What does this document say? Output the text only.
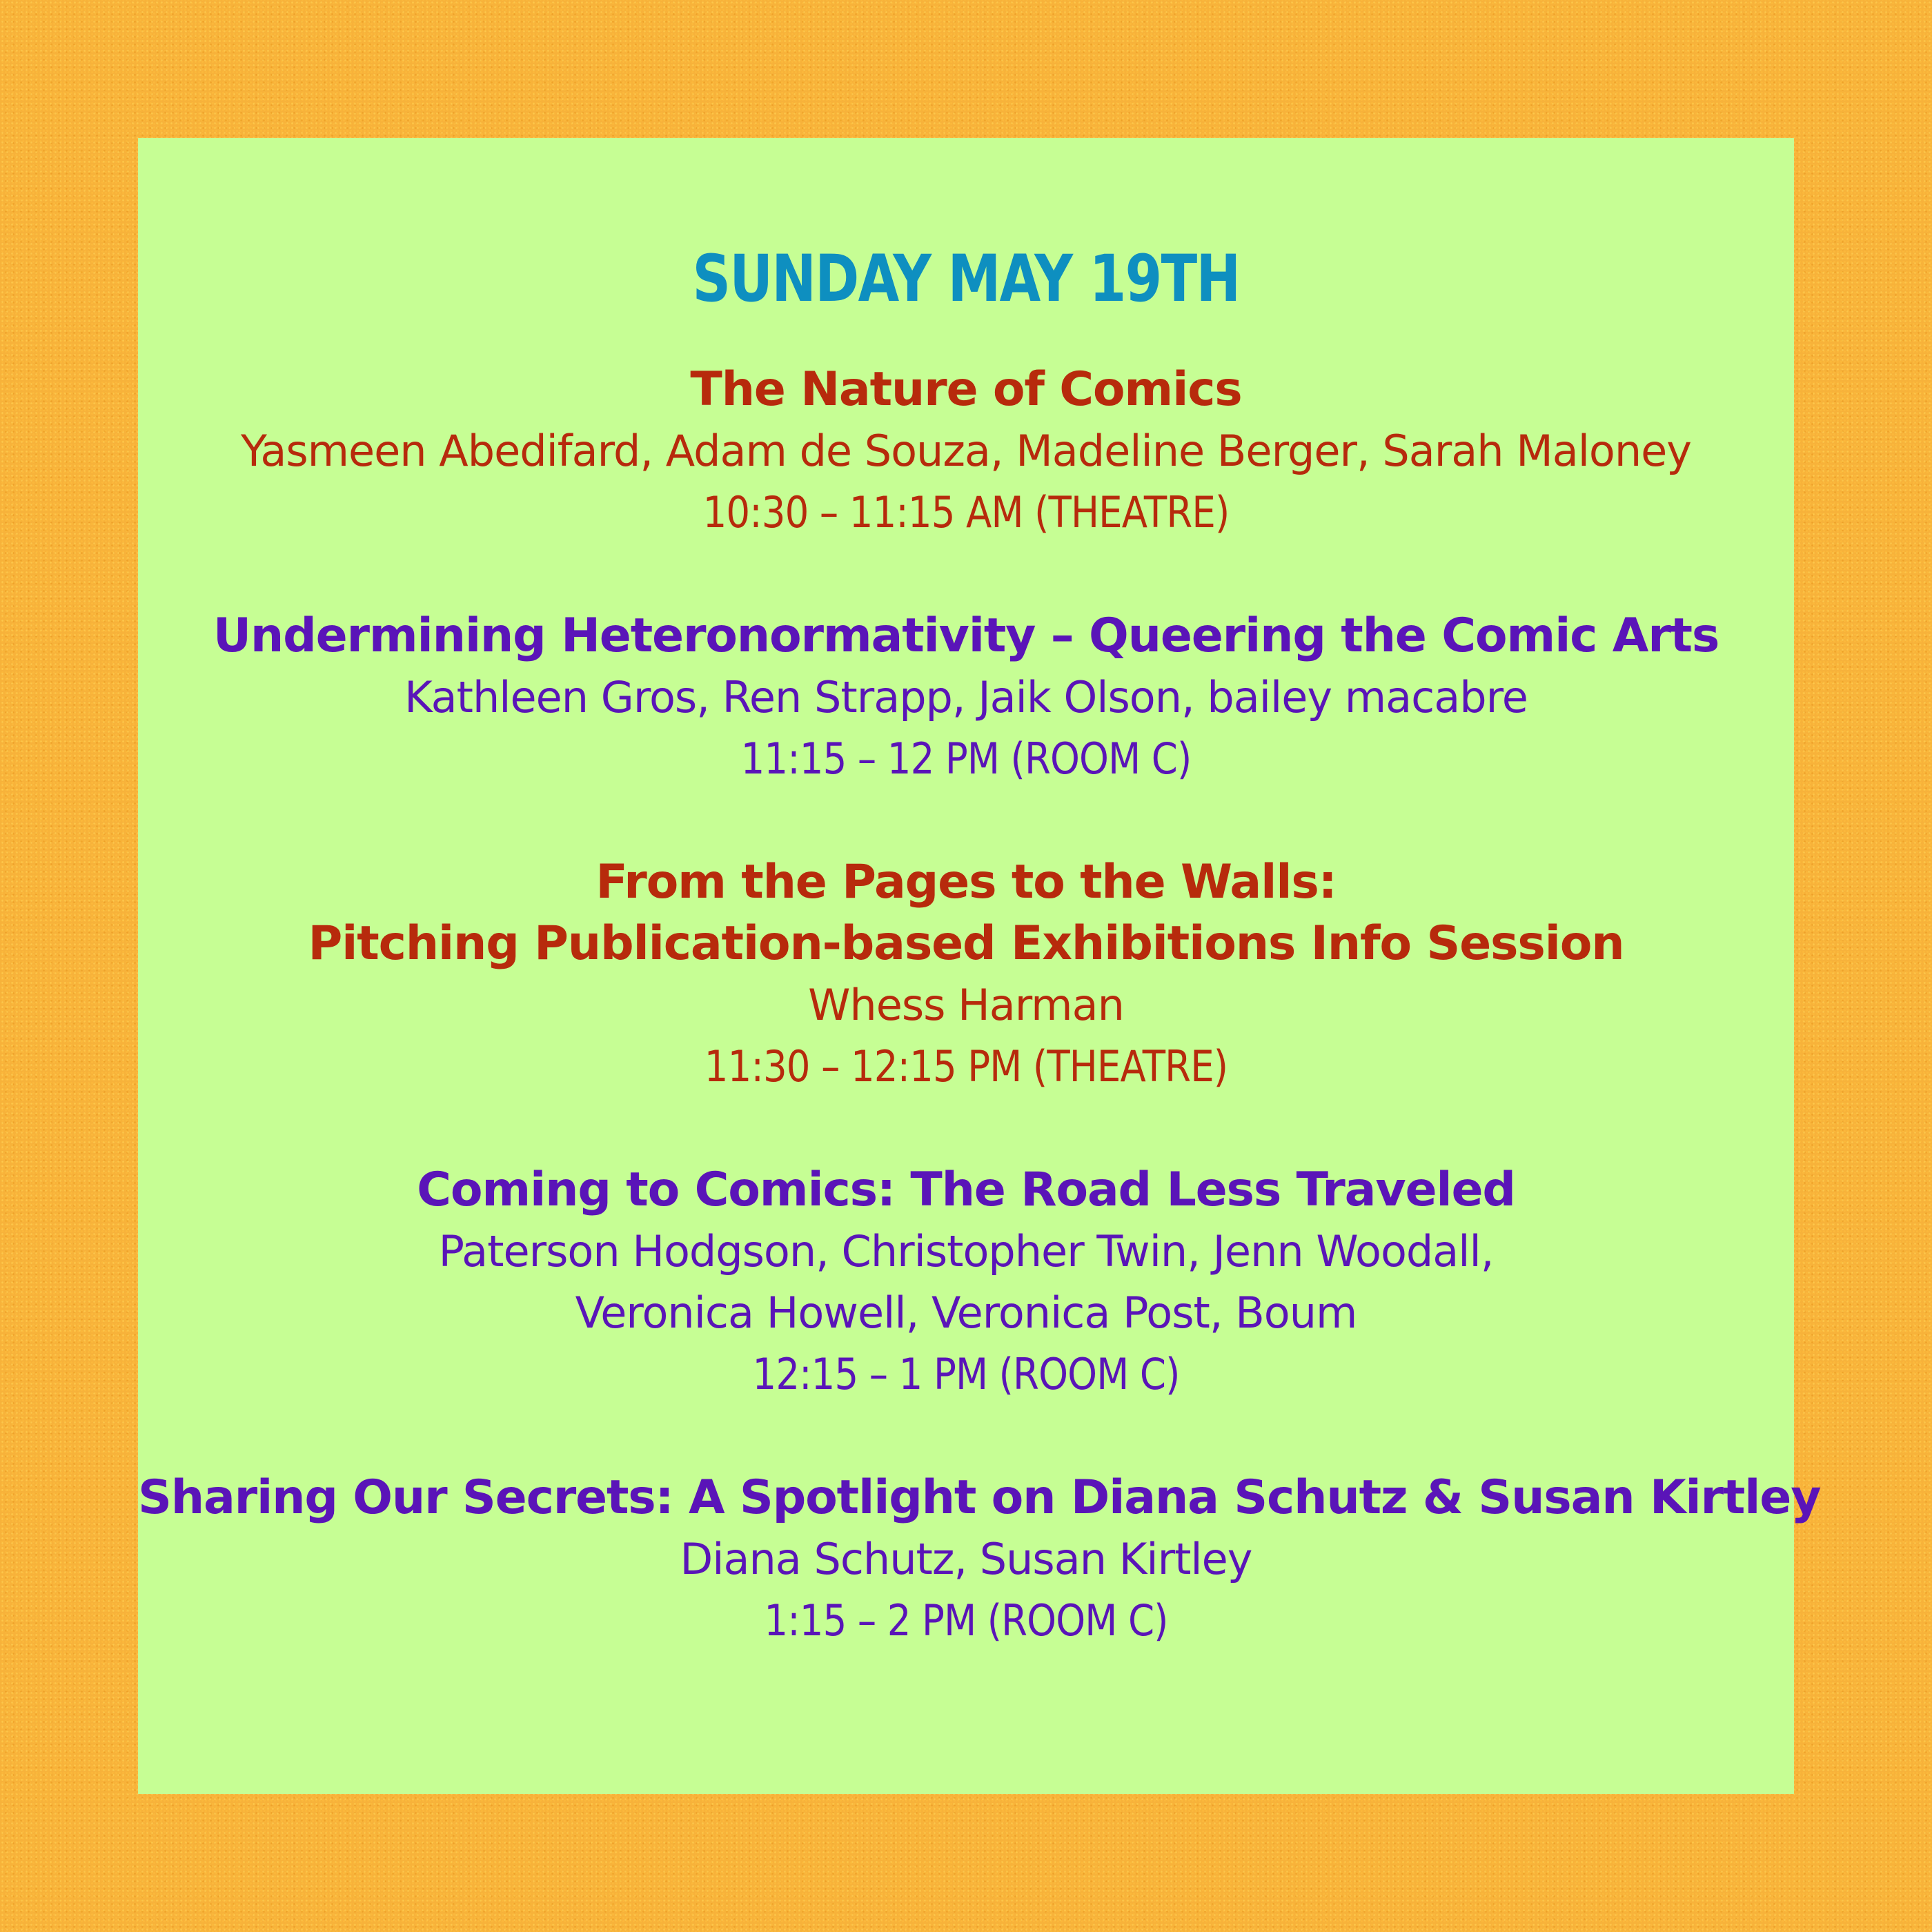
SUNDAY MAY 19TH
The Nature of Comics

Yasmeen Abedifard, Adam de Souza, Madeline Berger, Sarah Maloney

10:30 – 11:15 AM (THEATRE)

Undermining Heteronormativity – Queering the Comic Arts

Kathleen Gros, Ren Strapp, Jaik Olson, bailey macabre

11:15 – 12 PM (ROOM C)

From the Pages to the Walls:
Pitching Publication-based Exhibitions Info Session

Whess Harman

11:30 – 12:15 PM (THEATRE)

Coming to Comics: The Road Less Traveled

Paterson Hodgson, Christopher Twin, Jenn Woodall,
Veronica Howell, Veronica Post, Boum

12:15 – 1 PM (ROOM C)

Sharing Our Secrets: A Spotlight on Diana Schutz & Susan Kirtley

Diana Schutz, Susan Kirtley

1:15 – 2 PM (ROOM C)
